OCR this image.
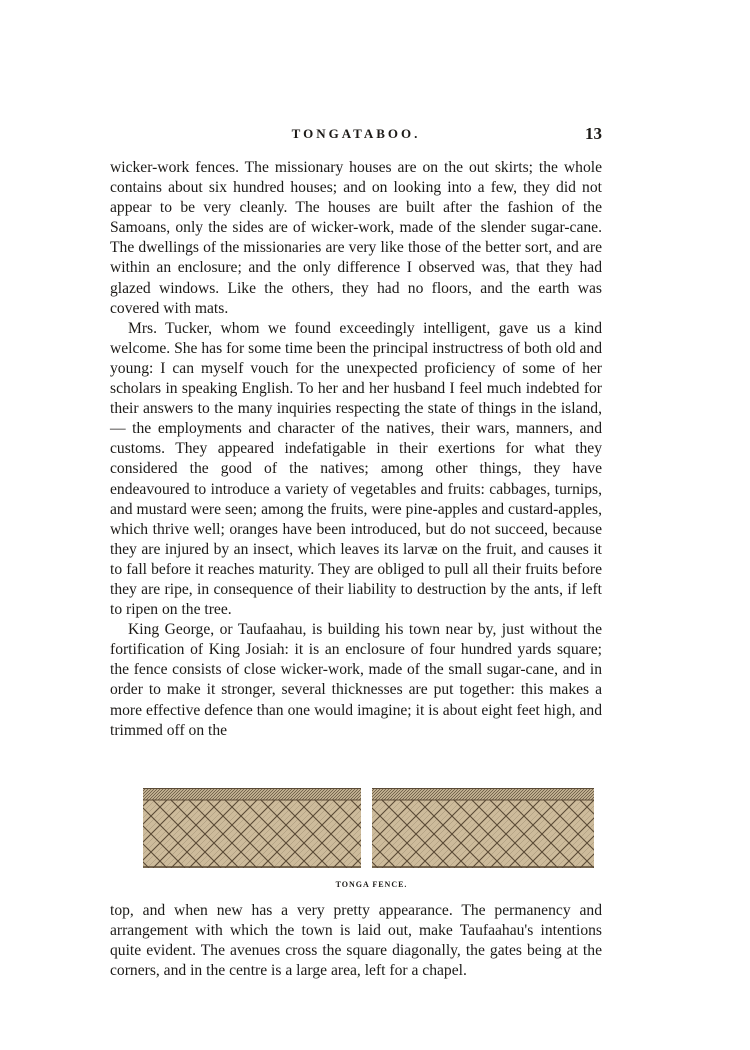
TONGATABOO.	13

wicker-work fences. The missionary houses are on the out skirts; the whole contains about six hundred houses; and on looking into a few, they did not appear to be very cleanly. The houses are built after the fashion of the Samoans, only the sides are of wicker-work, made of the slender sugar-cane. The dwellings of the missionaries are very like those of the better sort, and are within an enclosure; and the only difference I observed was, that they had glazed windows. Like the others, they had no floors, and the earth was covered with mats.

Mrs. Tucker, whom we found exceedingly intelligent, gave us a kind welcome. She has for some time been the principal instructress of both old and young: I can myself vouch for the unexpected proficiency of some of her scholars in speaking English. To her and her husband I feel much indebted for their answers to the many inquiries respecting the state of things in the island, — the employments and character of the natives, their wars, manners, and customs. They appeared indefatigable in their exertions for what they considered the good of the natives; among other things, they have endeavoured to introduce a variety of vegetables and fruits: cabbages, turnips, and mustard were seen; among the fruits, were pine-apples and custard-apples, which thrive well; oranges have been introduced, but do not succeed, because they are injured by an insect, which leaves its larvæ on the fruit, and causes it to fall before it reaches maturity. They are obliged to pull all their fruits before they are ripe, in consequence of their liability to destruction by the ants, if left to ripen on the tree.

King George, or Taufaahau, is building his town near by, just without the fortification of King Josiah: it is an enclosure of four hundred yards square; the fence consists of close wicker-work, made of the small sugar-cane, and in order to make it stronger, several thicknesses are put together: this makes a more effective defence than one would imagine; it is about eight feet high, and trimmed off on the

TONGA FENCE.

top, and when new has a very pretty appearance. The permanency and arrangement with which the town is laid out, make Taufaahau's intentions quite evident. The avenues cross the square diagonally, the gates being at the corners, and in the centre is a large area, left for a chapel.
